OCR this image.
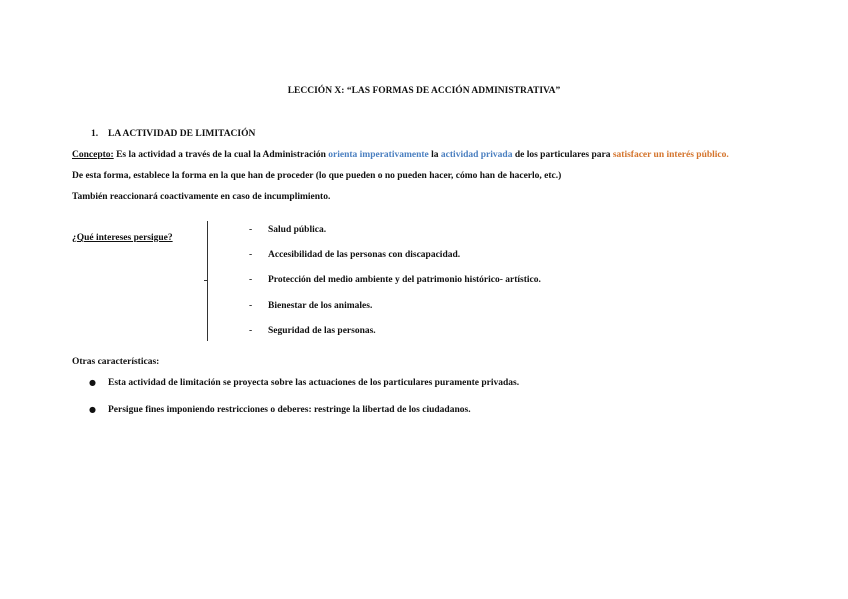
LECCIÓN X: “LAS FORMAS DE ACCIÓN ADMINISTRATIVA”
1. LA ACTIVIDAD DE LIMITACIÓN
Concepto: Es la actividad a través de la cual la Administración orienta imperativamente la actividad privada de los particulares para satisfacer un interés público.
De esta forma, establece la forma en la que han de proceder (lo que pueden o no pueden hacer, cómo han de hacerlo, etc.)
También reaccionará coactivamente en caso de incumplimiento.
¿Qué intereses persigue?
- Salud pública.
- Accesibilidad de las personas con discapacidad.
- Protección del medio ambiente y del patrimonio histórico- artístico.
- Bienestar de los animales.
- Seguridad de las personas.
Otras características:
● Esta actividad de limitación se proyecta sobre las actuaciones de los particulares puramente privadas.
● Persigue fines imponiendo restricciones o deberes: restringe la libertad de los ciudadanos.
